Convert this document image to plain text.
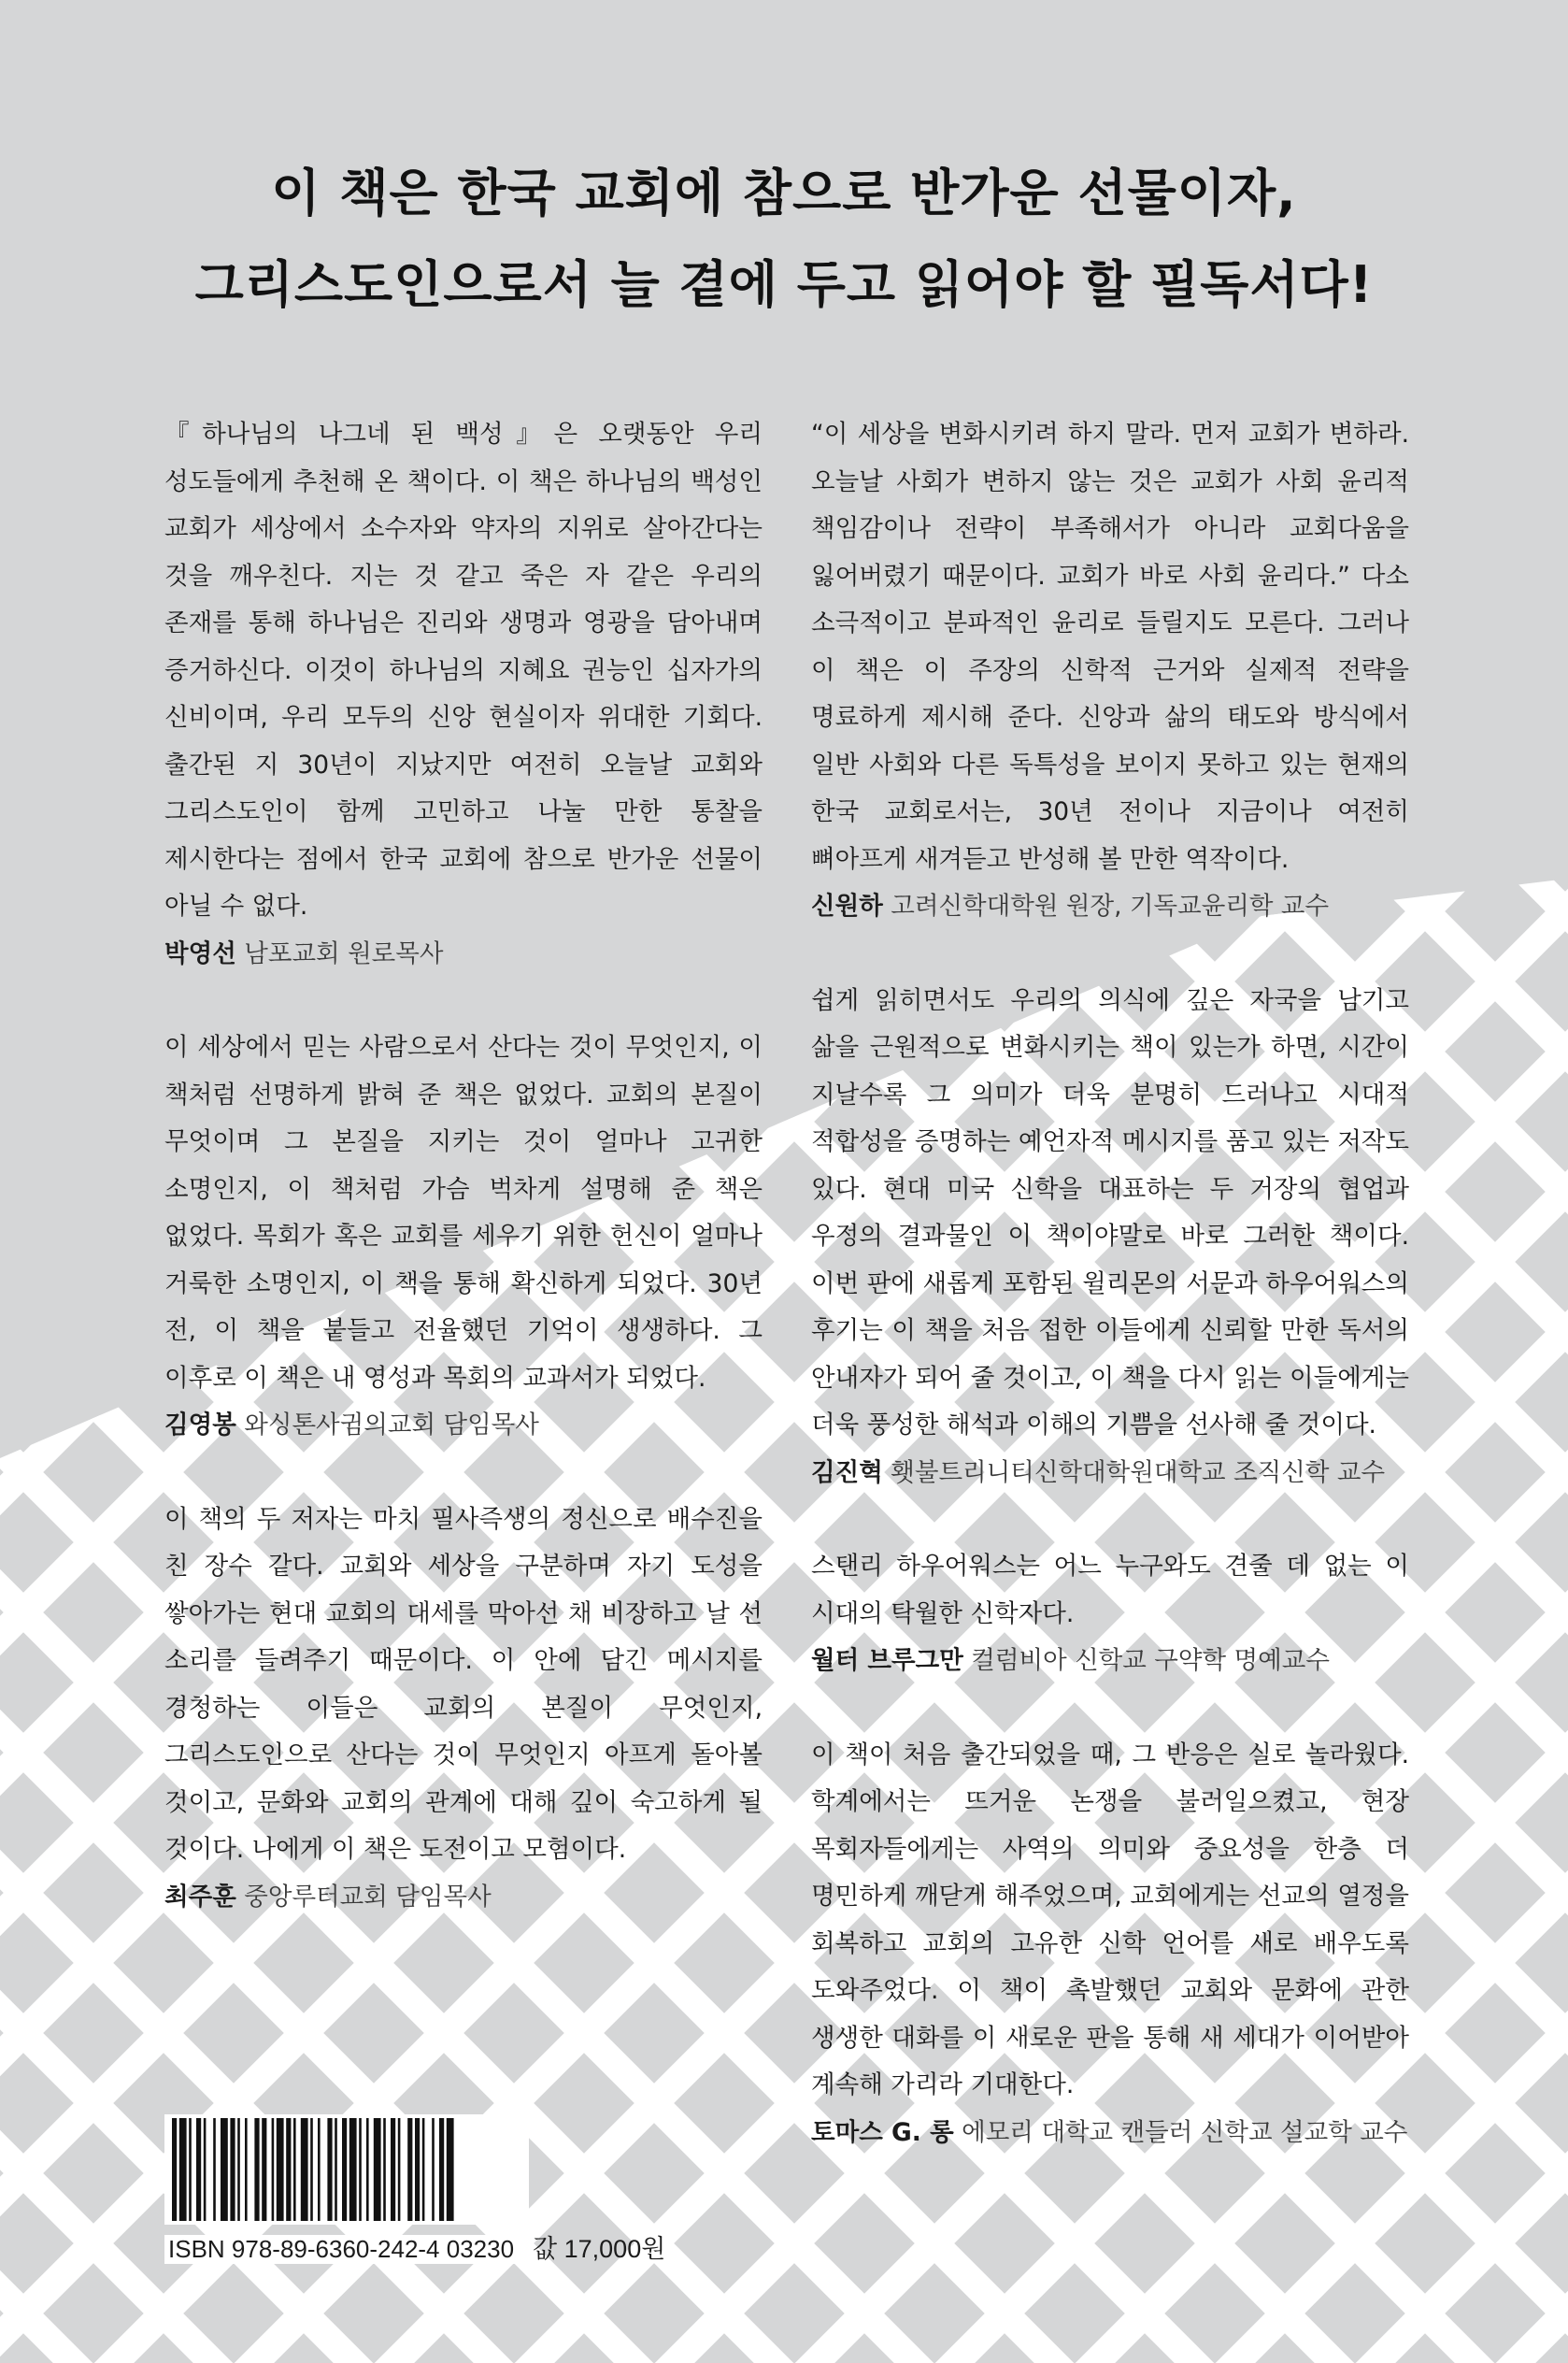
이 책은 한국 교회에 참으로 반가운 선물이자,
그리스도인으로서 늘 곁에 두고 읽어야 할 필독서다!

『하나님의 나그네 된 백성』은 오랫동안 우리 성도들에게 추천해 온 책이다. 이 책은 하나님의 백성인 교회가 세상에서 소수자와 약자의 지위로 살아간다는 것을 깨우친다. 지는 것 같고 죽은 자 같은 우리의 존재를 통해 하나님은 진리와 생명과 영광을 담아내며 증거하신다. 이것이 하나님의 지혜요 권능인 십자가의 신비이며, 우리 모두의 신앙 현실이자 위대한 기회다. 출간된 지 30년이 지났지만 여전히 오늘날 교회와 그리스도인이 함께 고민하고 나눌 만한 통찰을 제시한다는 점에서 한국 교회에 참으로 반가운 선물이 아닐 수 없다.

박영선 남포교회 원로목사

이 세상에서 믿는 사람으로서 산다는 것이 무엇인지, 이 책처럼 선명하게 밝혀 준 책은 없었다. 교회의 본질이 무엇이며 그 본질을 지키는 것이 얼마나 고귀한 소명인지, 이 책처럼 가슴 벅차게 설명해 준 책은 없었다. 목회가 혹은 교회를 세우기 위한 헌신이 얼마나 거룩한 소명인지, 이 책을 통해 확신하게 되었다. 30년 전, 이 책을 붙들고 전율했던 기억이 생생하다. 그 이후로 이 책은 내 영성과 목회의 교과서가 되었다.

김영봉 와싱톤사귐의교회 담임목사

이 책의 두 저자는 마치 필사즉생의 정신으로 배수진을 친 장수 같다. 교회와 세상을 구분하며 자기 도성을 쌓아가는 현대 교회의 대세를 막아선 채 비장하고 날 선 소리를 들려주기 때문이다. 이 안에 담긴 메시지를 경청하는 이들은 교회의 본질이 무엇인지, 그리스도인으로 산다는 것이 무엇인지 아프게 돌아볼 것이고, 문화와 교회의 관계에 대해 깊이 숙고하게 될 것이다. 나에게 이 책은 도전이고 모험이다.

최주훈 중앙루터교회 담임목사

“이 세상을 변화시키려 하지 말라. 먼저 교회가 변하라. 오늘날 사회가 변하지 않는 것은 교회가 사회 윤리적 책임감이나 전략이 부족해서가 아니라 교회다움을 잃어버렸기 때문이다. 교회가 바로 사회 윤리다.” 다소 소극적이고 분파적인 윤리로 들릴지도 모른다. 그러나 이 책은 이 주장의 신학적 근거와 실제적 전략을 명료하게 제시해 준다. 신앙과 삶의 태도와 방식에서 일반 사회와 다른 독특성을 보이지 못하고 있는 현재의 한국 교회로서는, 30년 전이나 지금이나 여전히 뼈아프게 새겨듣고 반성해 볼 만한 역작이다.

신원하 고려신학대학원 원장, 기독교윤리학 교수

쉽게 읽히면서도 우리의 의식에 깊은 자국을 남기고 삶을 근원적으로 변화시키는 책이 있는가 하면, 시간이 지날수록 그 의미가 더욱 분명히 드러나고 시대적 적합성을 증명하는 예언자적 메시지를 품고 있는 저작도 있다. 현대 미국 신학을 대표하는 두 거장의 협업과 우정의 결과물인 이 책이야말로 바로 그러한 책이다. 이번 판에 새롭게 포함된 윌리몬의 서문과 하우어워스의 후기는 이 책을 처음 접한 이들에게 신뢰할 만한 독서의 안내자가 되어 줄 것이고, 이 책을 다시 읽는 이들에게는 더욱 풍성한 해석과 이해의 기쁨을 선사해 줄 것이다.

김진혁 횃불트리니티신학대학원대학교 조직신학 교수

스탠리 하우어워스는 어느 누구와도 견줄 데 없는 이 시대의 탁월한 신학자다.

월터 브루그만 컬럼비아 신학교 구약학 명예교수

이 책이 처음 출간되었을 때, 그 반응은 실로 놀라웠다. 학계에서는 뜨거운 논쟁을 불러일으켰고, 현장 목회자들에게는 사역의 의미와 중요성을 한층 더 명민하게 깨닫게 해주었으며, 교회에게는 선교의 열정을 회복하고 교회의 고유한 신학 언어를 새로 배우도록 도와주었다. 이 책이 촉발했던 교회와 문화에 관한 생생한 대화를 이 새로운 판을 통해 새 세대가 이어받아 계속해 가리라 기대한다.

토마스 G. 롱 에모리 대학교 캔들러 신학교 설교학 교수

ISBN 978-89-6360-242-4 03230 값 17,000원
